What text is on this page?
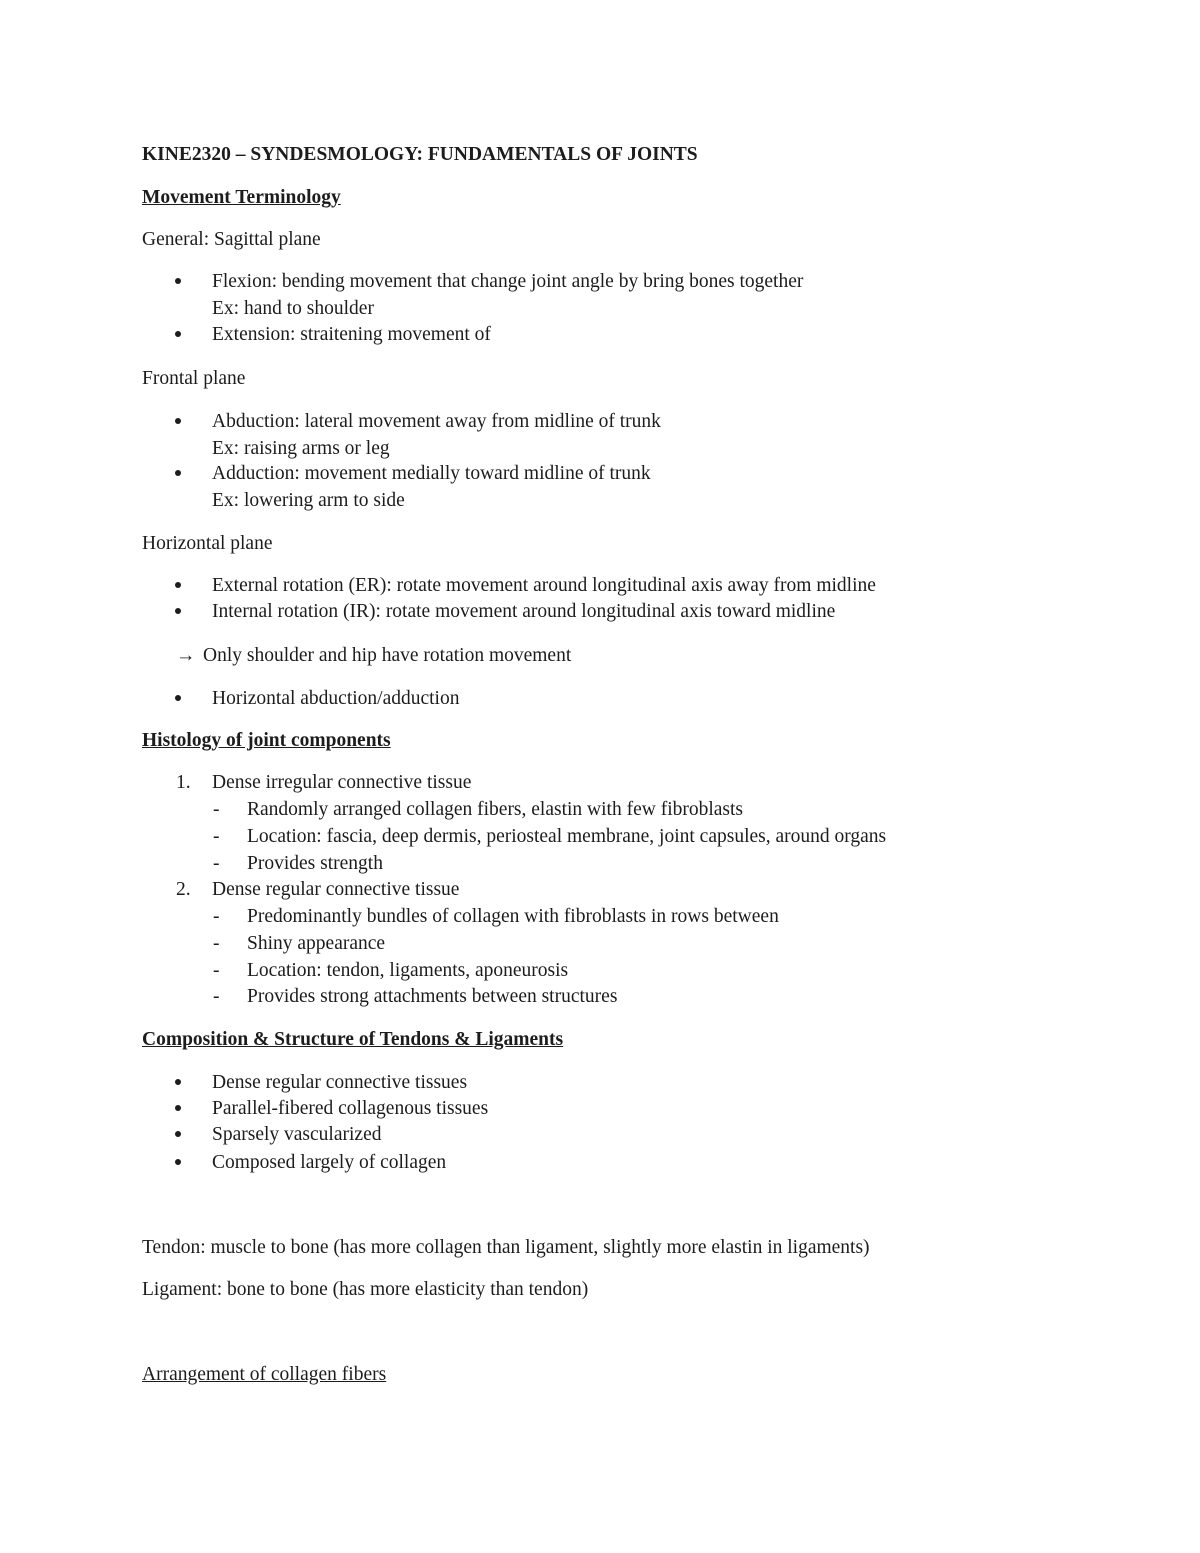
KINE2320 – SYNDESMOLOGY: FUNDAMENTALS OF JOINTS
Movement Terminology
General: Sagittal plane
Flexion: bending movement that change joint angle by bring bones together
Ex: hand to shoulder
Extension: straitening movement of
Frontal plane
Abduction: lateral movement away from midline of trunk
Ex: raising arms or leg
Adduction: movement medially toward midline of trunk
Ex: lowering arm to side
Horizontal plane
External rotation (ER): rotate movement around longitudinal axis away from midline
Internal rotation (IR): rotate movement around longitudinal axis toward midline
→ Only shoulder and hip have rotation movement
Horizontal abduction/adduction
Histology of joint components
1. Dense irregular connective tissue
- Randomly arranged collagen fibers, elastin with few fibroblasts
- Location: fascia, deep dermis, periosteal membrane, joint capsules, around organs
- Provides strength
2. Dense regular connective tissue
- Predominantly bundles of collagen with fibroblasts in rows between
- Shiny appearance
- Location: tendon, ligaments, aponeurosis
- Provides strong attachments between structures
Composition & Structure of Tendons & Ligaments
Dense regular connective tissues
Parallel-fibered collagenous tissues
Sparsely vascularized
Composed largely of collagen
Tendon: muscle to bone (has more collagen than ligament, slightly more elastin in ligaments)
Ligament: bone to bone (has more elasticity than tendon)
Arrangement of collagen fibers
